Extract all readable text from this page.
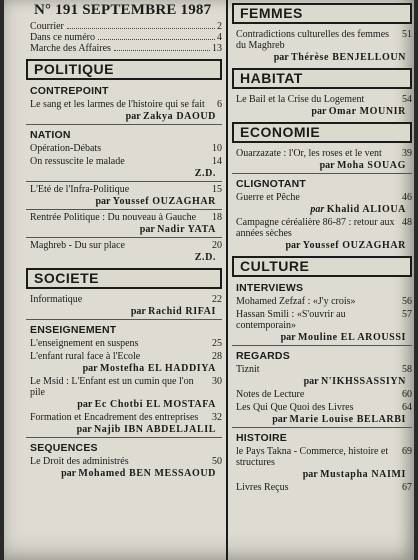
N° 191 SEPTEMBRE 1987
Courrier	2
Dans ce numéro	4
Marche des Affaires	13
POLITIQUE
CONTREPOINT
Le sang et les larmes de l'histoire qui se fait	6
par Zakya DAOUD
NATION
Opération-Débats	10
On ressuscite le malade	14
Z.D.
L'Eté de l'Infra-Politique	15
par Youssef OUZAGHAR
Rentrée Politique : Du nouveau à Gauche	18
par Nadir YATA
Maghreb - Du sur place	20
Z.D.
SOCIETE
Informatique	22
par Rachid RIFAI
ENSEIGNEMENT
L'enseignement en suspens	25
L'enfant rural face à l'Ecole	28
par Mostefha EL HADDIYA
Le Msid : L'Enfant est un cumin que l'on pile
30
par Ec Chotbi EL MOSTAFA
Formation et Encadrement des entreprises	32
par Najib IBN ABDELJALIL
SEQUENCES
Le Droit des administrés	50
par Mohamed BEN MESSAOUD
FEMMES
Contradictions culturelles des femmes du Maghreb
51
par Thérèse BENJELLOUN
HABITAT
Le Bail et la Crise du Logement	54
par Omar MOUNIR
ECONOMIE
Ouarzazate : l'Or, les roses et le vent	39
par Moha SOUAG
CLIGNOTANT
Guerre et Pêche	46
par Khalid ALIOUA
Campagne céréalière 86-87 : retour aux années sèches
48
par Youssef OUZAGHAR
CULTURE
INTERVIEWS
Mohamed Zefzaf : «J'y crois»	56
Hassan Smili : «S'ouvrir au contemporain»
57
par Mouline EL AROUSSI
REGARDS
Tiznit	58
par N'IKHSSASSIYN
Notes de Lecture	60
Les Qui Que Quoi des Livres	64
par Marie Louise BELARBI
HISTOIRE
le Pays Takna - Commerce, histoire et structures
69
par Mustapha NAIMI
Livres Reçus	67
